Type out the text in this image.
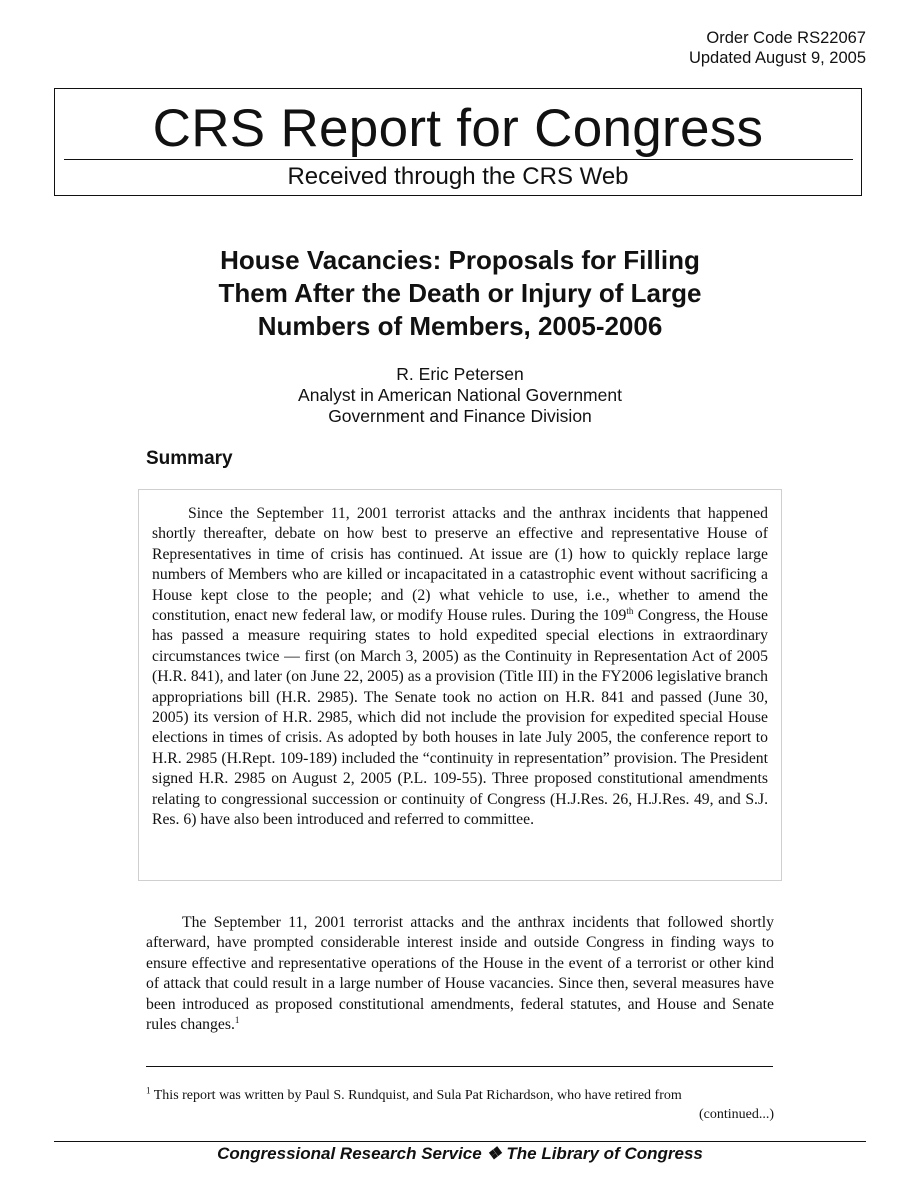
Order Code RS22067
Updated August 9, 2005
CRS Report for Congress
Received through the CRS Web
House Vacancies: Proposals for Filling
Them After the Death or Injury of Large
Numbers of Members, 2005-2006
R. Eric Petersen
Analyst in American National Government
Government and Finance Division
Summary

Since the September 11, 2001 terrorist attacks and the anthrax incidents that happened shortly thereafter, debate on how best to preserve an effective and representative House of Representatives in time of crisis has continued. At issue are (1) how to quickly replace large numbers of Members who are killed or incapacitated in a catastrophic event without sacrificing a House kept close to the people; and (2) what vehicle to use, i.e., whether to amend the constitution, enact new federal law, or modify House rules. During the 109th Congress, the House has passed a measure requiring states to hold expedited special elections in extraordinary circumstances twice — first (on March 3, 2005) as the Continuity in Representation Act of 2005 (H.R. 841), and later (on June 22, 2005) as a provision (Title III) in the FY2006 legislative branch appropriations bill (H.R. 2985). The Senate took no action on H.R. 841 and passed (June 30, 2005) its version of H.R. 2985, which did not include the provision for expedited special House elections in times of crisis. As adopted by both houses in late July 2005, the conference report to H.R. 2985 (H.Rept. 109-189) included the “continuity in representation” provision. The President signed H.R. 2985 on August 2, 2005 (P.L. 109-55). Three proposed constitutional amendments relating to congressional succession or continuity of Congress (H.J.Res. 26, H.J.Res. 49, and S.J. Res. 6) have also been introduced and referred to committee.

The September 11, 2001 terrorist attacks and the anthrax incidents that followed shortly afterward, have prompted considerable interest inside and outside Congress in finding ways to ensure effective and representative operations of the House in the event of a terrorist or other kind of attack that could result in a large number of House vacancies. Since then, several measures have been introduced as proposed constitutional amendments, federal statutes, and House and Senate rules changes.$^1$

$^1$ This report was written by Paul S. Rundquist, and Sula Pat Richardson, who have retired from
(continued...)
Congressional Research Service ❖ The Library of Congress
